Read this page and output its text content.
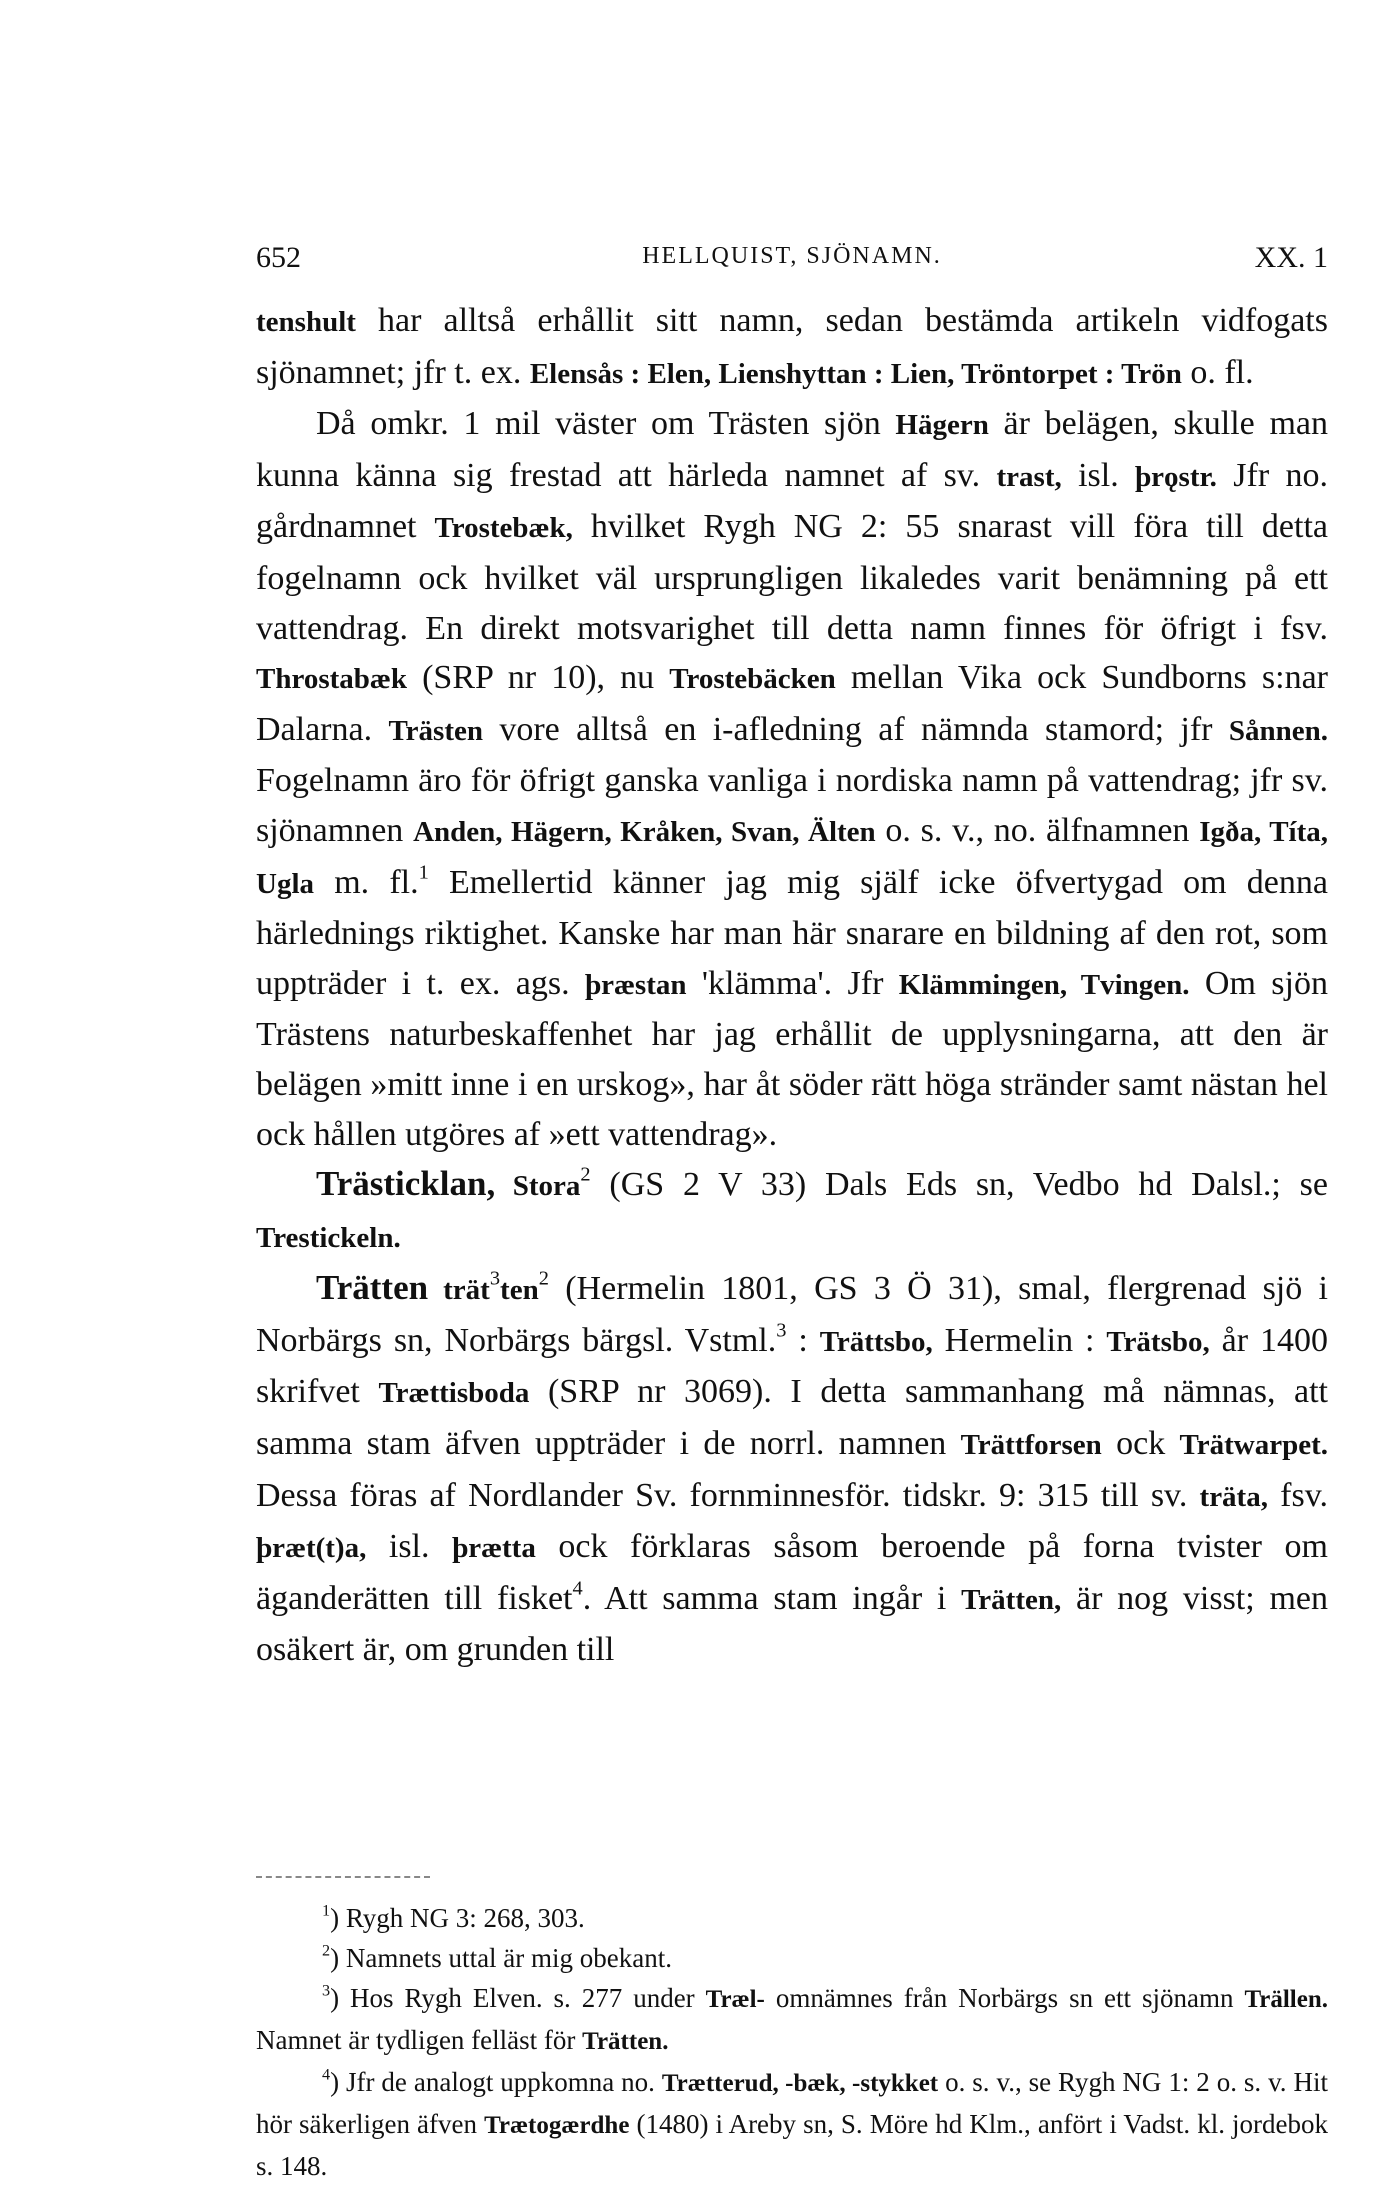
652	HELLQUIST, SJÖNAMN.	XX. 1

tenshult har alltså erhållit sitt namn, sedan bestämda artikeln vidfogats sjönamnet; jfr t. ex. Elensås : Elen, Lienshyttan : Lien, Tröntorpet : Trön o. fl.

Då omkr. 1 mil väster om Trästen sjön Hägern är belägen, skulle man kunna känna sig frestad att härleda namnet af sv. trast, isl. þrǫstr. Jfr no. gårdnamnet Trostebæk, hvilket Rygh NG 2: 55 snarast vill föra till detta fogelnamn ock hvilket väl ursprungligen likaledes varit benämning på ett vattendrag. En direkt motsvarighet till detta namn finnes för öfrigt i fsv. Throstabæk (SRP nr 10), nu Trostebäcken mellan Vika ock Sundborns s:nar Dalarna. Trästen vore alltså en i-afledning af nämnda stamord; jfr Sånnen. Fogelnamn äro för öfrigt ganska vanliga i nordiska namn på vattendrag; jfr sv. sjönamnen Anden, Hägern, Kråken, Svan, Älten o. s. v., no. älfnamnen Igða, Títa, Ugla m. fl.$^1$ Emellertid känner jag mig själf icke öfvertygad om denna härlednings riktighet. Kanske har man här snarare en bildning af den rot, som uppträder i t. ex. ags. þræstan 'klämma'. Jfr Klämmingen, Tvingen. Om sjön Trästens naturbeskaffenhet har jag erhållit de upplysningarna, att den är belägen »mitt inne i en urskog», har åt söder rätt höga stränder samt nästan hel ock hållen utgöres af »ett vattendrag».

Trästicklan, Stora$^2$ (GS 2 V 33) Dals Eds sn, Vedbo hd Dalsl.; se Trestickeln.

Trätten trät$^3$ten$^2$ (Hermelin 1801, GS 3 Ö 31), smal, flergrenad sjö i Norbärgs sn, Norbärgs bärgsl. Vstml.$^3$ : Trättsbo, Hermelin : Trätsbo, år 1400 skrifvet Trættisboda (SRP nr 3069). I detta sammanhang må nämnas, att samma stam äfven uppträder i de norrl. namnen Trättforsen ock Trätwarpet. Dessa föras af Nordlander Sv. fornminnesför. tidskr. 9: 315 till sv. träta, fsv. þræt(t)a, isl. þrætta ock förklaras såsom beroende på forna tvister om äganderätten till fisket$^4$. Att samma stam ingår i Trätten, är nog visst; men osäkert är, om grunden till

$^1$) Rygh NG 3: 268, 303.

$^2$) Namnets uttal är mig obekant.

$^3$) Hos Rygh Elven. s. 277 under Træl- omnämnes från Norbärgs sn ett sjönamn Trällen. Namnet är tydligen felläst för Trätten.

$^4$) Jfr de analogt uppkomna no. Trætterud, -bæk, -stykket o. s. v., se Rygh NG 1: 2 o. s. v. Hit hör säkerligen äfven Trætogærdhe (1480) i Areby sn, S. Möre hd Klm., anfört i Vadst. kl. jordebok s. 148.
